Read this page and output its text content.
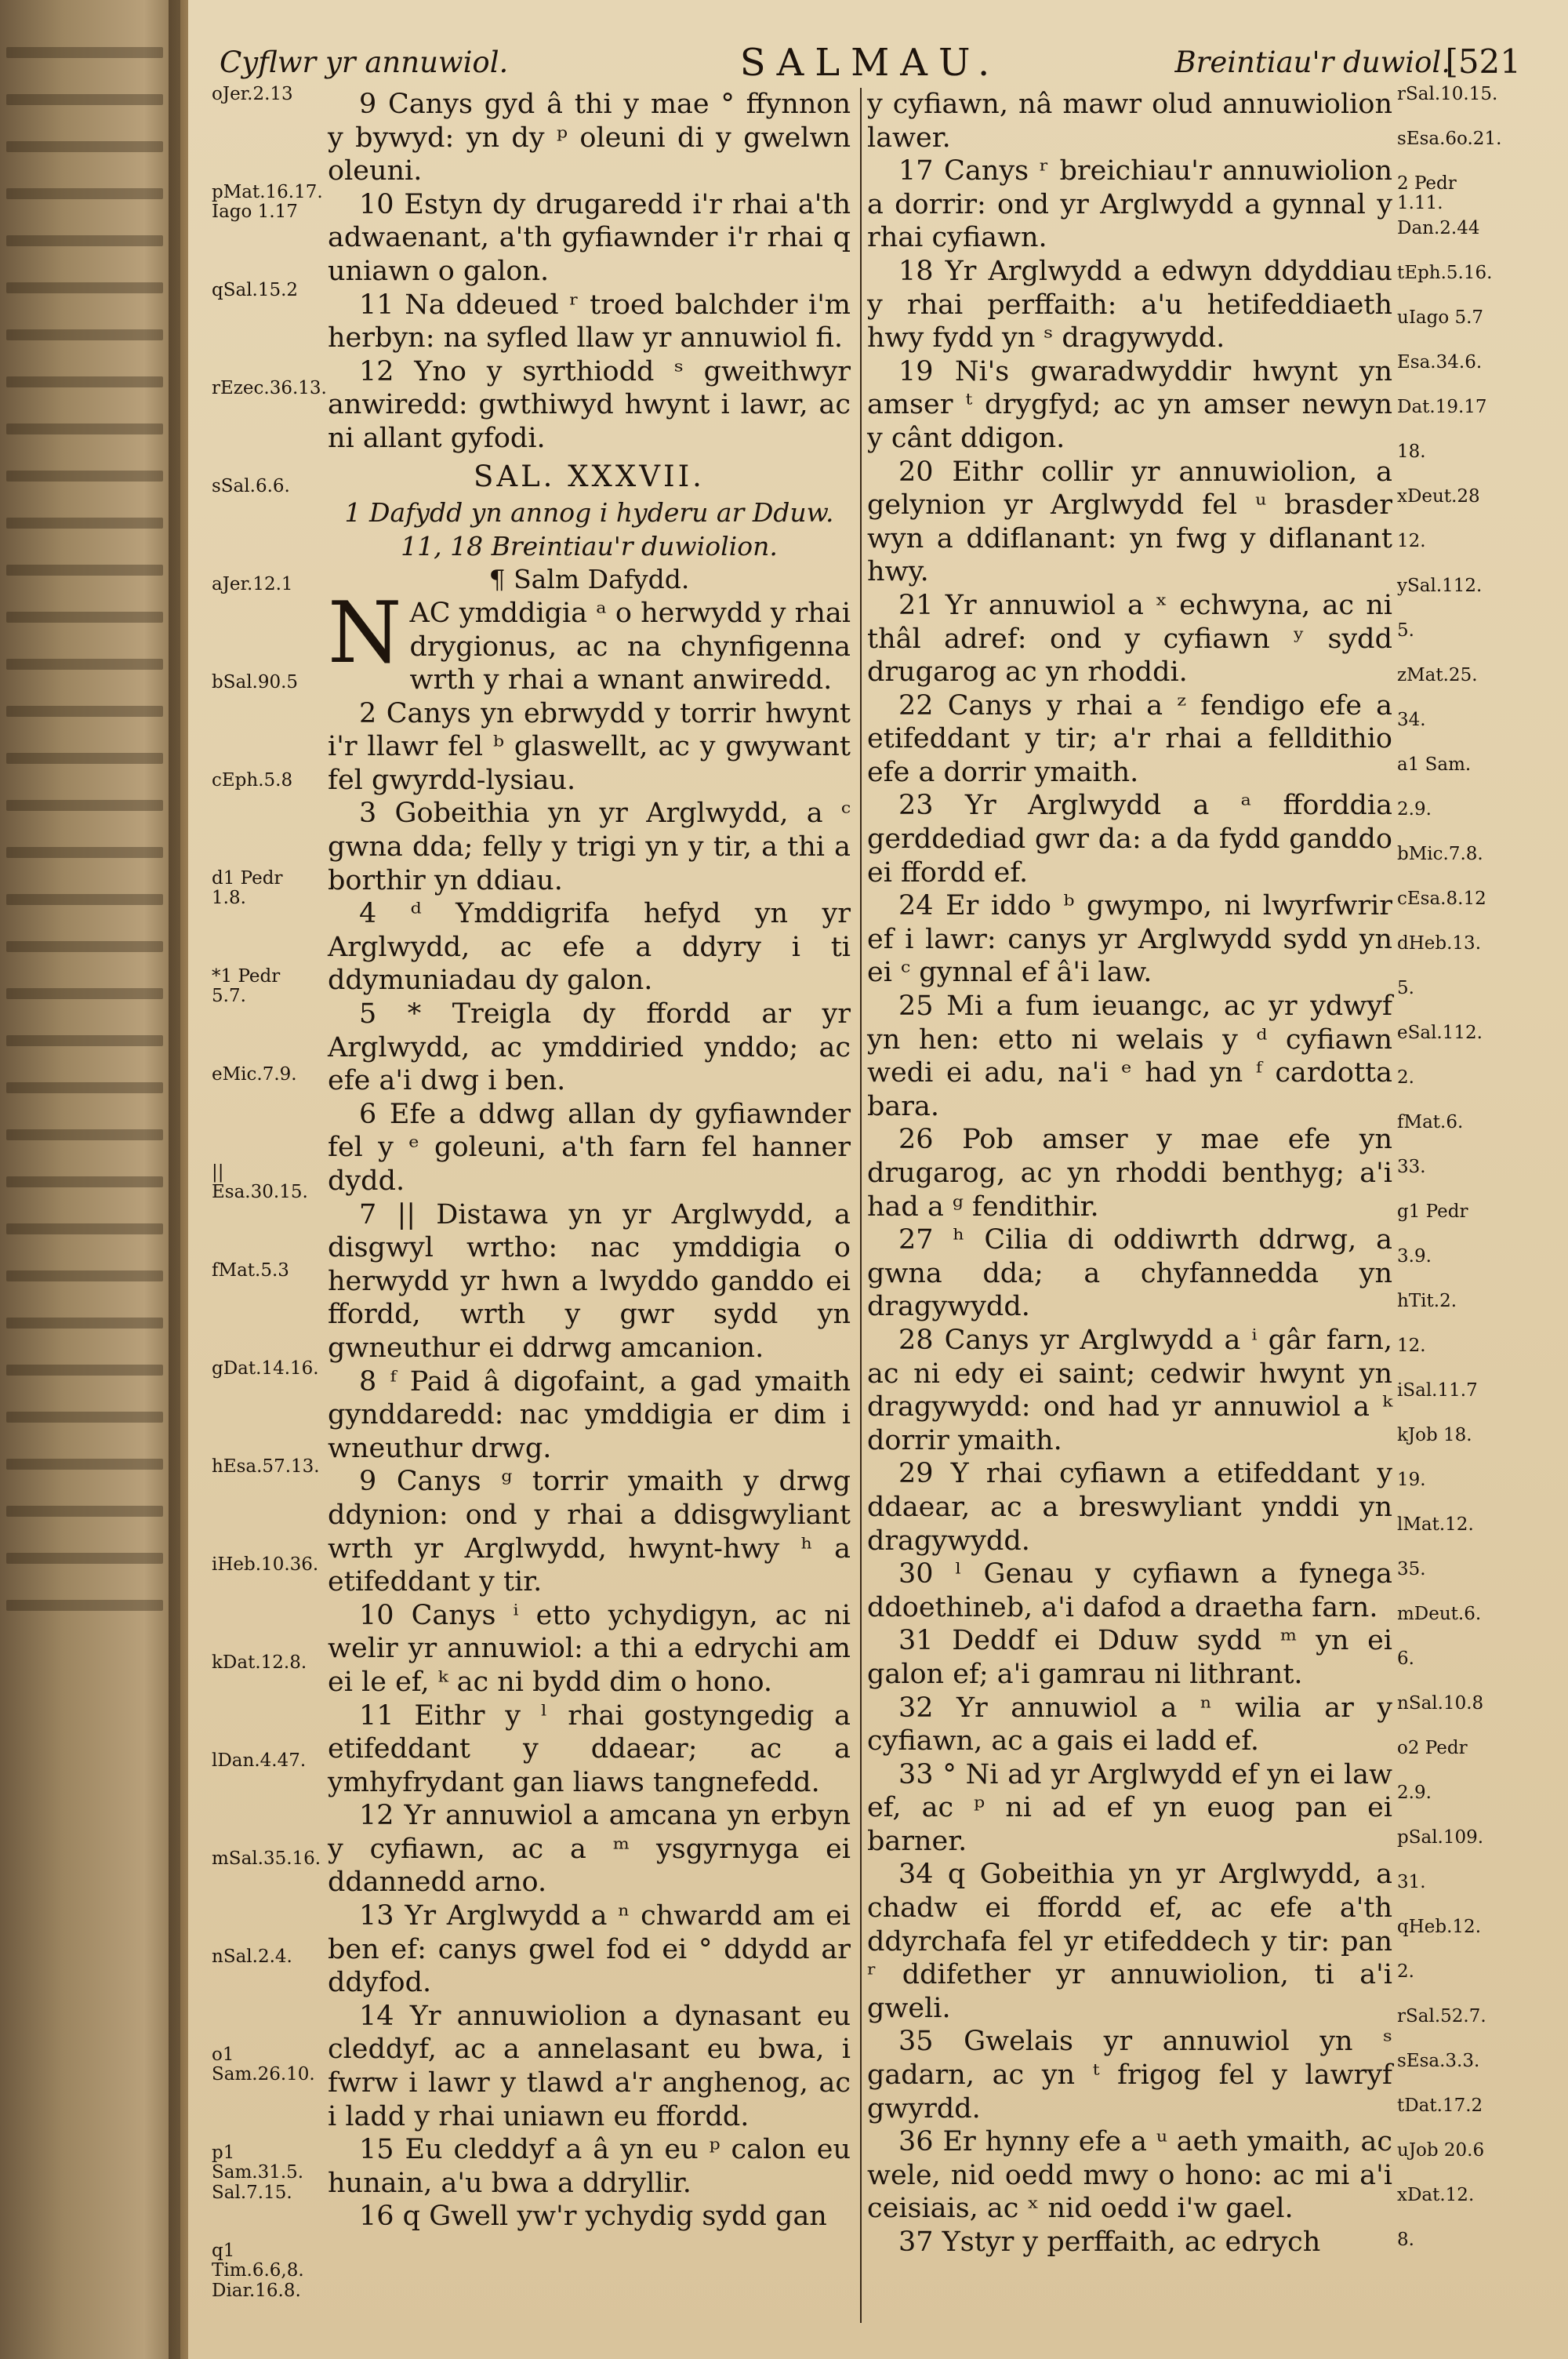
Cyflwr yr annuwiol.	SALMAU.	Breintiau'r duwiol.
[521
oJer.2.13
pMat.16.17. Iago 1.17
qSal.15.2
rEzec.36.13.
sSal.6.6.
aJer.12.1
bSal.90.5
cEph.5.8
d1 Pedr 1.8.
*1 Pedr 5.7.
eMic.7.9.
|| Esa.30.15.
fMat.5.3
gDat.14.16.
hEsa.57.13.
iHeb.10.36.
kDat.12.8.
lDan.4.47.
mSal.35.16.
nSal.2.4.
o1 Sam.26.10.
p1 Sam.31.5. Sal.7.15.
q1 Tim.6.6,8. Diar.16.8.

9 Canys gyd â thi y mae ° ffynnon y bywyd: yn dy ᵖ oleuni di y gwelwn oleuni.

10 Estyn dy drugaredd i'r rhai a'th adwaenant, a'th gyfiawnder i'r rhai q uniawn o galon.

11 Na ddeued ʳ troed balchder i'm herbyn: na syfled llaw yr annuwiol fi.

12 Yno y syrthiodd ˢ gweithwyr anwiredd: gwthiwyd hwynt i lawr, ac ni allant gyfodi.

SAL. XXXVII.

1 Dafydd yn annog i hyderu ar Dduw. 11, 18 Breintiau'r duwiolion.

¶ Salm Dafydd.

NAC ymddigia ᵃ o herwydd y rhai drygionus, ac na chynfigenna wrth y rhai a wnant anwiredd.

2 Canys yn ebrwydd y torrir hwynt i'r llawr fel ᵇ glaswellt, ac y gwywant fel gwyrdd-lysiau.

3 Gobeithia yn yr Arglwydd, a ᶜ gwna dda; felly y trigi yn y tir, a thi a borthir yn ddiau.

4 ᵈ Ymddigrifa hefyd yn yr Arglwydd, ac efe a ddyry i ti ddymuniadau dy galon.

5 * Treigla dy ffordd ar yr Arglwydd, ac ymddiried ynddo; ac efe a'i dwg i ben.

6 Efe a ddwg allan dy gyfiawnder fel y ᵉ goleuni, a'th farn fel hanner dydd.

7 || Distawa yn yr Arglwydd, a disgwyl wrtho: nac ymddigia o herwydd yr hwn a lwyddo ganddo ei ffordd, wrth y gwr sydd yn gwneuthur ei ddrwg amcanion.

8 ᶠ Paid â digofaint, a gad ymaith gynddaredd: nac ymddigia er dim i wneuthur drwg.

9 Canys ᵍ torrir ymaith y drwg ddynion: ond y rhai a ddisgwyliant wrth yr Arglwydd, hwynt-hwy ʰ a etifeddant y tir.

10 Canys ⁱ etto ychydigyn, ac ni welir yr annuwiol: a thi a edrychi am ei le ef, ᵏ ac ni bydd dim o hono.

11 Eithr y ˡ rhai gostyngedig a etifeddant y ddaear; ac a ymhyfrydant gan liaws tangnefedd.

12 Yr annuwiol a amcana yn erbyn y cyfiawn, ac a ᵐ ysgyrnyga ei ddannedd arno.

13 Yr Arglwydd a ⁿ chwardd am ei ben ef: canys gwel fod ei ° ddydd ar ddyfod.

14 Yr annuwiolion a dynasant eu cleddyf, ac a annelasant eu bwa, i fwrw i lawr y tlawd a'r anghenog, ac i ladd y rhai uniawn eu ffordd.

15 Eu cleddyf a â yn eu ᵖ calon eu hunain, a'u bwa a ddryllir.

16 q Gwell yw'r ychydig sydd gan

y cyfiawn, nâ mawr olud annuwiolion lawer.

17 Canys ʳ breichiau'r annuwiolion a dorrir: ond yr Arglwydd a gynnal y rhai cyfiawn.

18 Yr Arglwydd a edwyn ddyddiau y rhai perffaith: a'u hetifeddiaeth hwy fydd yn ˢ dragywydd.

19 Ni's gwaradwyddir hwynt yn amser ᵗ drygfyd; ac yn amser newyn y cânt ddigon.

20 Eithr collir yr annuwiolion, a gelynion yr Arglwydd fel ᵘ brasder wyn a ddiflanant: yn fwg y diflanant hwy.

21 Yr annuwiol a ˣ echwyna, ac ni thâl adref: ond y cyfiawn ʸ sydd drugarog ac yn rhoddi.

22 Canys y rhai a ᶻ fendigo efe a etifeddant y tir; a'r rhai a felldithio efe a dorrir ymaith.

23 Yr Arglwydd a ᵃ fforddia gerddediad gwr da: a da fydd ganddo ei ffordd ef.

24 Er iddo ᵇ gwympo, ni lwyrfwrir ef i lawr: canys yr Arglwydd sydd yn ei ᶜ gynnal ef â'i law.

25 Mi a fum ieuangc, ac yr ydwyf yn hen: etto ni welais y ᵈ cyfiawn wedi ei adu, na'i ᵉ had yn ᶠ cardotta bara.

26 Pob amser y mae efe yn drugarog, ac yn rhoddi benthyg; a'i had a ᵍ fendithir.

27 ʰ Cilia di oddiwrth ddrwg, a gwna dda; a chyfannedda yn dragywydd.

28 Canys yr Arglwydd a ⁱ gâr farn, ac ni edy ei saint; cedwir hwynt yn dragywydd: ond had yr annuwiol a ᵏ dorrir ymaith.

29 Y rhai cyfiawn a etifeddant y ddaear, ac a breswyliant ynddi yn dragywydd.

30 ˡ Genau y cyfiawn a fynega ddoethineb, a'i dafod a draetha farn.

31 Deddf ei Dduw sydd ᵐ yn ei galon ef; a'i gamrau ni lithrant.

32 Yr annuwiol a ⁿ wilia ar y cyfiawn, ac a gais ei ladd ef.

33 ° Ni ad yr Arglwydd ef yn ei law ef, ac ᵖ ni ad ef yn euog pan ei barner.

34 q Gobeithia yn yr Arglwydd, a chadw ei ffordd ef, ac efe a'th ddyrchafa fel yr etifeddech y tir: pan ʳ ddifether yr annuwiolion, ti a'i gweli.

35 Gwelais yr annuwiol yn ˢ gadarn, ac yn ᵗ frigog fel y lawryf gwyrdd.

36 Er hynny efe a ᵘ aeth ymaith, ac wele, nid oedd mwy o hono: ac mi a'i ceisiais, ac ˣ nid oedd i'w gael.

37 Ystyr y perffaith, ac edrych

rSal.10.15.
sEsa.6o.21.
2 Pedr 1.11.
Dan.2.44
tEph.5.16.
uIago 5.7
Esa.34.6.
Dat.19.17
18.
xDeut.28
12.
ySal.112.
5.
zMat.25.
34.
a1 Sam.
2.9.
bMic.7.8.
cEsa.8.12
dHeb.13.
5.
eSal.112.
2.
fMat.6.
33.
g1 Pedr
3.9.
hTit.2.
12.
iSal.11.7
kJob 18.
19.
lMat.12.
35.
mDeut.6.
6.
nSal.10.8
o2 Pedr
2.9.
pSal.109.
31.
qHeb.12.
2.
rSal.52.7.
sEsa.3.3.
tDat.17.2
uJob 20.6
xDat.12.
8.
